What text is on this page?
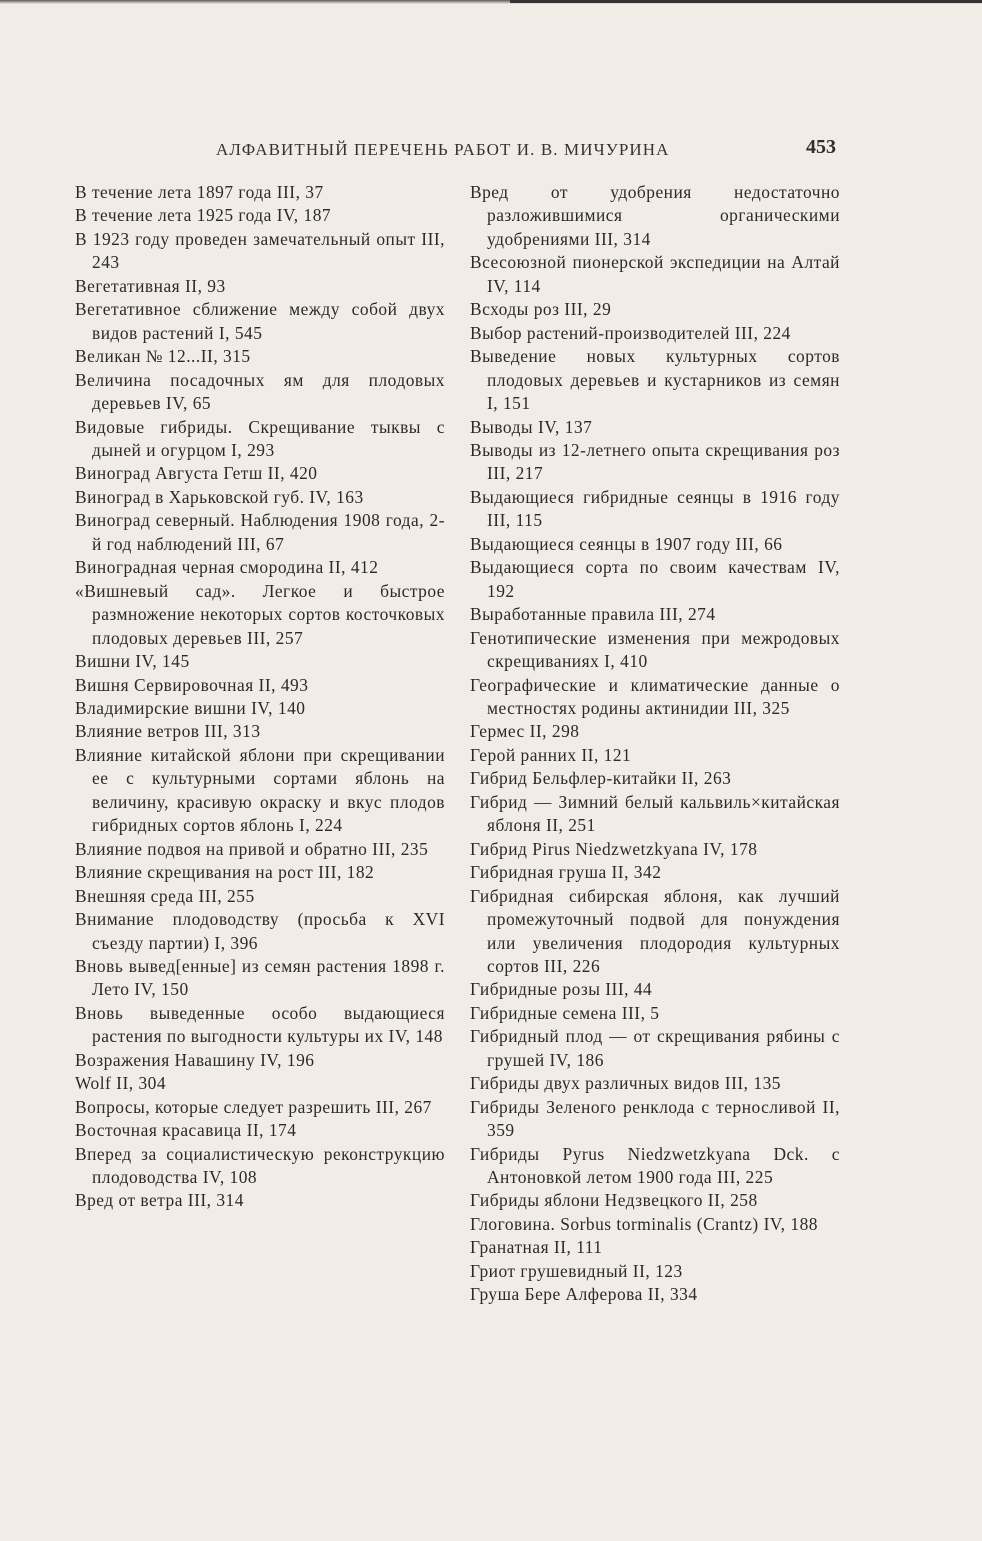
АЛФАВИТНЫЙ ПЕРЕЧЕНЬ РАБОТ И. В. МИЧУРИНА	453
В течение лета 1897 года III, 37
В течение лета 1925 года IV, 187
В 1923 году проведен замечательный опыт III, 243
Вегетативная II, 93
Вегетативное сближение между собой двух видов растений I, 545
Великан № 12...II, 315
Величина посадочных ям для плодовых деревьев IV, 65
Видовые гибриды. Скрещивание тыквы с дыней и огурцом I, 293
Виноград Августа Гетш II, 420
Виноград в Харьковской губ. IV, 163
Виноград северный. Наблюдения 1908 года, 2-й год наблюдений III, 67
Виноградная черная смородина II, 412
«Вишневый сад». Легкое и быстрое размножение некоторых сортов косточковых плодовых деревьев III, 257
Вишни IV, 145
Вишня Сервировочная II, 493
Владимирские вишни IV, 140
Влияние ветров III, 313
Влияние китайской яблони при скрещивании ее с культурными сортами яблонь на величину, красивую окраску и вкус плодов гибридных сортов яблонь I, 224
Влияние подвоя на привой и обратно III, 235
Влияние скрещивания на рост III, 182
Внешняя среда III, 255
Внимание плодоводству (просьба к XVI съезду партии) I, 396
Вновь вывед[енные] из семян растения 1898 г. Лето IV, 150
Вновь выведенные особо выдающиеся растения по выгодности культуры их IV, 148
Возражения Навашину IV, 196
Wolf II, 304
Вопросы, которые следует разрешить III, 267
Восточная красавица II, 174
Вперед за социалистическую реконструкцию плодоводства IV, 108
Вред от ветра III, 314
Вред от удобрения недостаточно разложившимися органическими удобрениями III, 314
Всесоюзной пионерской экспедиции на Алтай IV, 114
Всходы роз III, 29
Выбор растений-производителей III, 224
Выведение новых культурных сортов плодовых деревьев и кустарников из семян I, 151
Выводы IV, 137
Выводы из 12-летнего опыта скрещивания роз III, 217
Выдающиеся гибридные сеянцы в 1916 году III, 115
Выдающиеся сеянцы в 1907 году III, 66
Выдающиеся сорта по своим качествам IV, 192
Выработанные правила III, 274
Генотипические изменения при межродовых скрещиваниях I, 410
Географические и климатические данные о местностях родины актинидии III, 325
Гермес II, 298
Герой ранних II, 121
Гибрид Бельфлер-китайки II, 263
Гибрид — Зимний белый кальвиль×китайская яблоня II, 251
Гибрид Pirus Niedzwetzkyana IV, 178
Гибридная груша II, 342
Гибридная сибирская яблоня, как лучший промежуточный подвой для понуждения или увеличения плодородия культурных сортов III, 226
Гибридные розы III, 44
Гибридные семена III, 5
Гибридный плод — от скрещивания рябины с грушей IV, 186
Гибриды двух различных видов III, 135
Гибриды Зеленого ренклода с терносливой II, 359
Гибриды Pyrus Niedzwetzkyana Dck. с Антоновкой летом 1900 года III, 225
Гибриды яблони Недзвецкого II, 258
Глоговина. Sorbus torminalis (Crantz) IV, 188
Гранатная II, 111
Гриот грушевидный II, 123
Груша Бере Алферова II, 334
